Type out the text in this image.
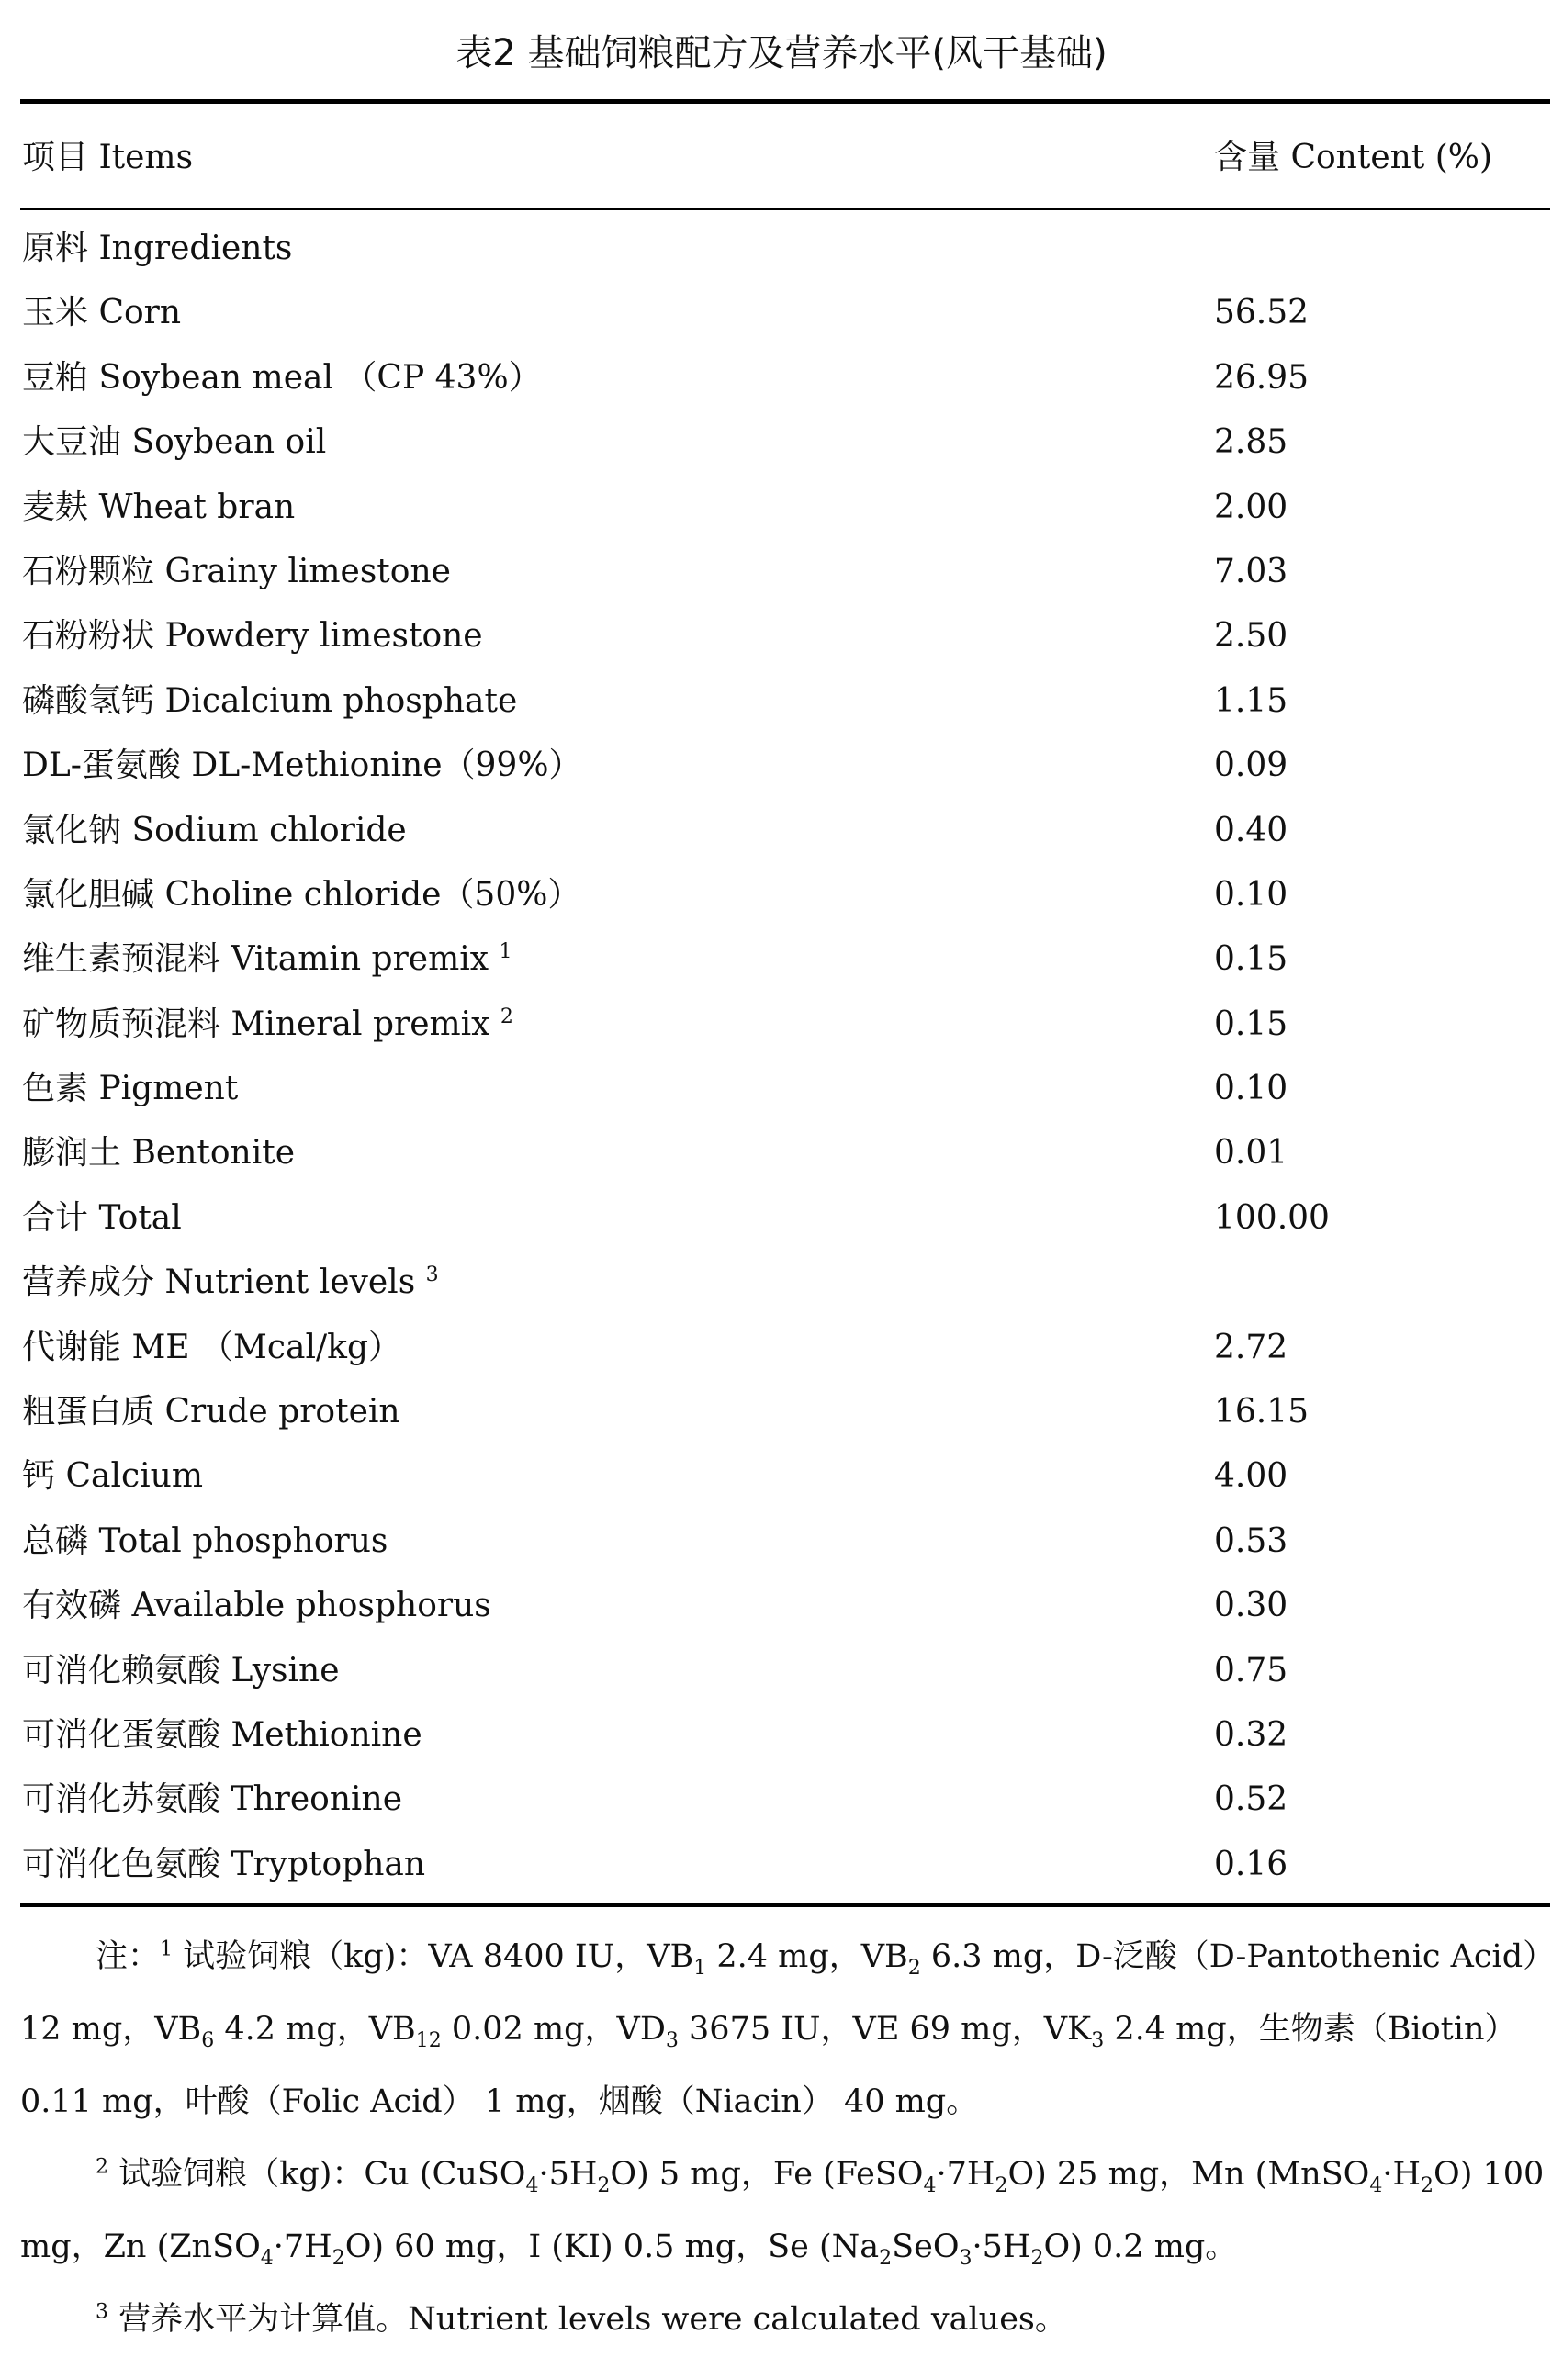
表2 基础饲粮配方及营养水平(风干基础)
项目 Items	含量 Content (%)
原料 Ingredients
玉米 Corn	56.52
豆粕 Soybean meal （CP 43%）	26.95
大豆油 Soybean oil	2.85
麦麸 Wheat bran	2.00
石粉颗粒 Grainy limestone	7.03
石粉粉状 Powdery limestone	2.50
磷酸氢钙 Dicalcium phosphate	1.15
DL-蛋氨酸 DL-Methionine（99%）	0.09
氯化钠 Sodium chloride	0.40
氯化胆碱 Choline chloride（50%）	0.10
维生素预混料 Vitamin premix $^1$	0.15
矿物质预混料 Mineral premix $^2$	0.15
色素 Pigment	0.10
膨润土 Bentonite	0.01
合计 Total	100.00
营养成分 Nutrient levels $^3$
代谢能 ME （Mcal/kg）	2.72
粗蛋白质 Crude protein	16.15
钙 Calcium	4.00
总磷 Total phosphorus	0.53
有效磷 Available phosphorus	0.30
可消化赖氨酸 Lysine	0.75
可消化蛋氨酸 Methionine	0.32
可消化苏氨酸 Threonine	0.52
可消化色氨酸 Tryptophan	0.16

注：$^1$ 试验饲粮（kg)：VA 8400 IU，$VB_1$ 2.4 mg，$VB_2$ 6.3 mg，D-泛酸（D-Pantothenic Acid）12 mg，$VB_6$ 4.2 mg，$VB_{12}$ 0.02 mg，$VD_3$ 3675 IU，VE 69 mg，$VK_3$ 2.4 mg，生物素（Biotin）0.11 mg，叶酸（Folic Acid） 1 mg，烟酸（Niacin） 40 mg。

$^2$ 试验饲粮（kg)：Cu $(CuSO_4\cdot 5H_2O)$ 5 mg，Fe $(FeSO_4\cdot 7H_2O)$ 25 mg，Mn $(MnSO_4\cdot H_2O)$ 100 mg，Zn $(ZnSO_4\cdot 7H_2O)$ 60 mg，I (KI) 0.5 mg，Se $(Na_2SeO_3\cdot 5H_2O)$ 0.2 mg。

$^3$ 营养水平为计算值。Nutrient levels were calculated values。
